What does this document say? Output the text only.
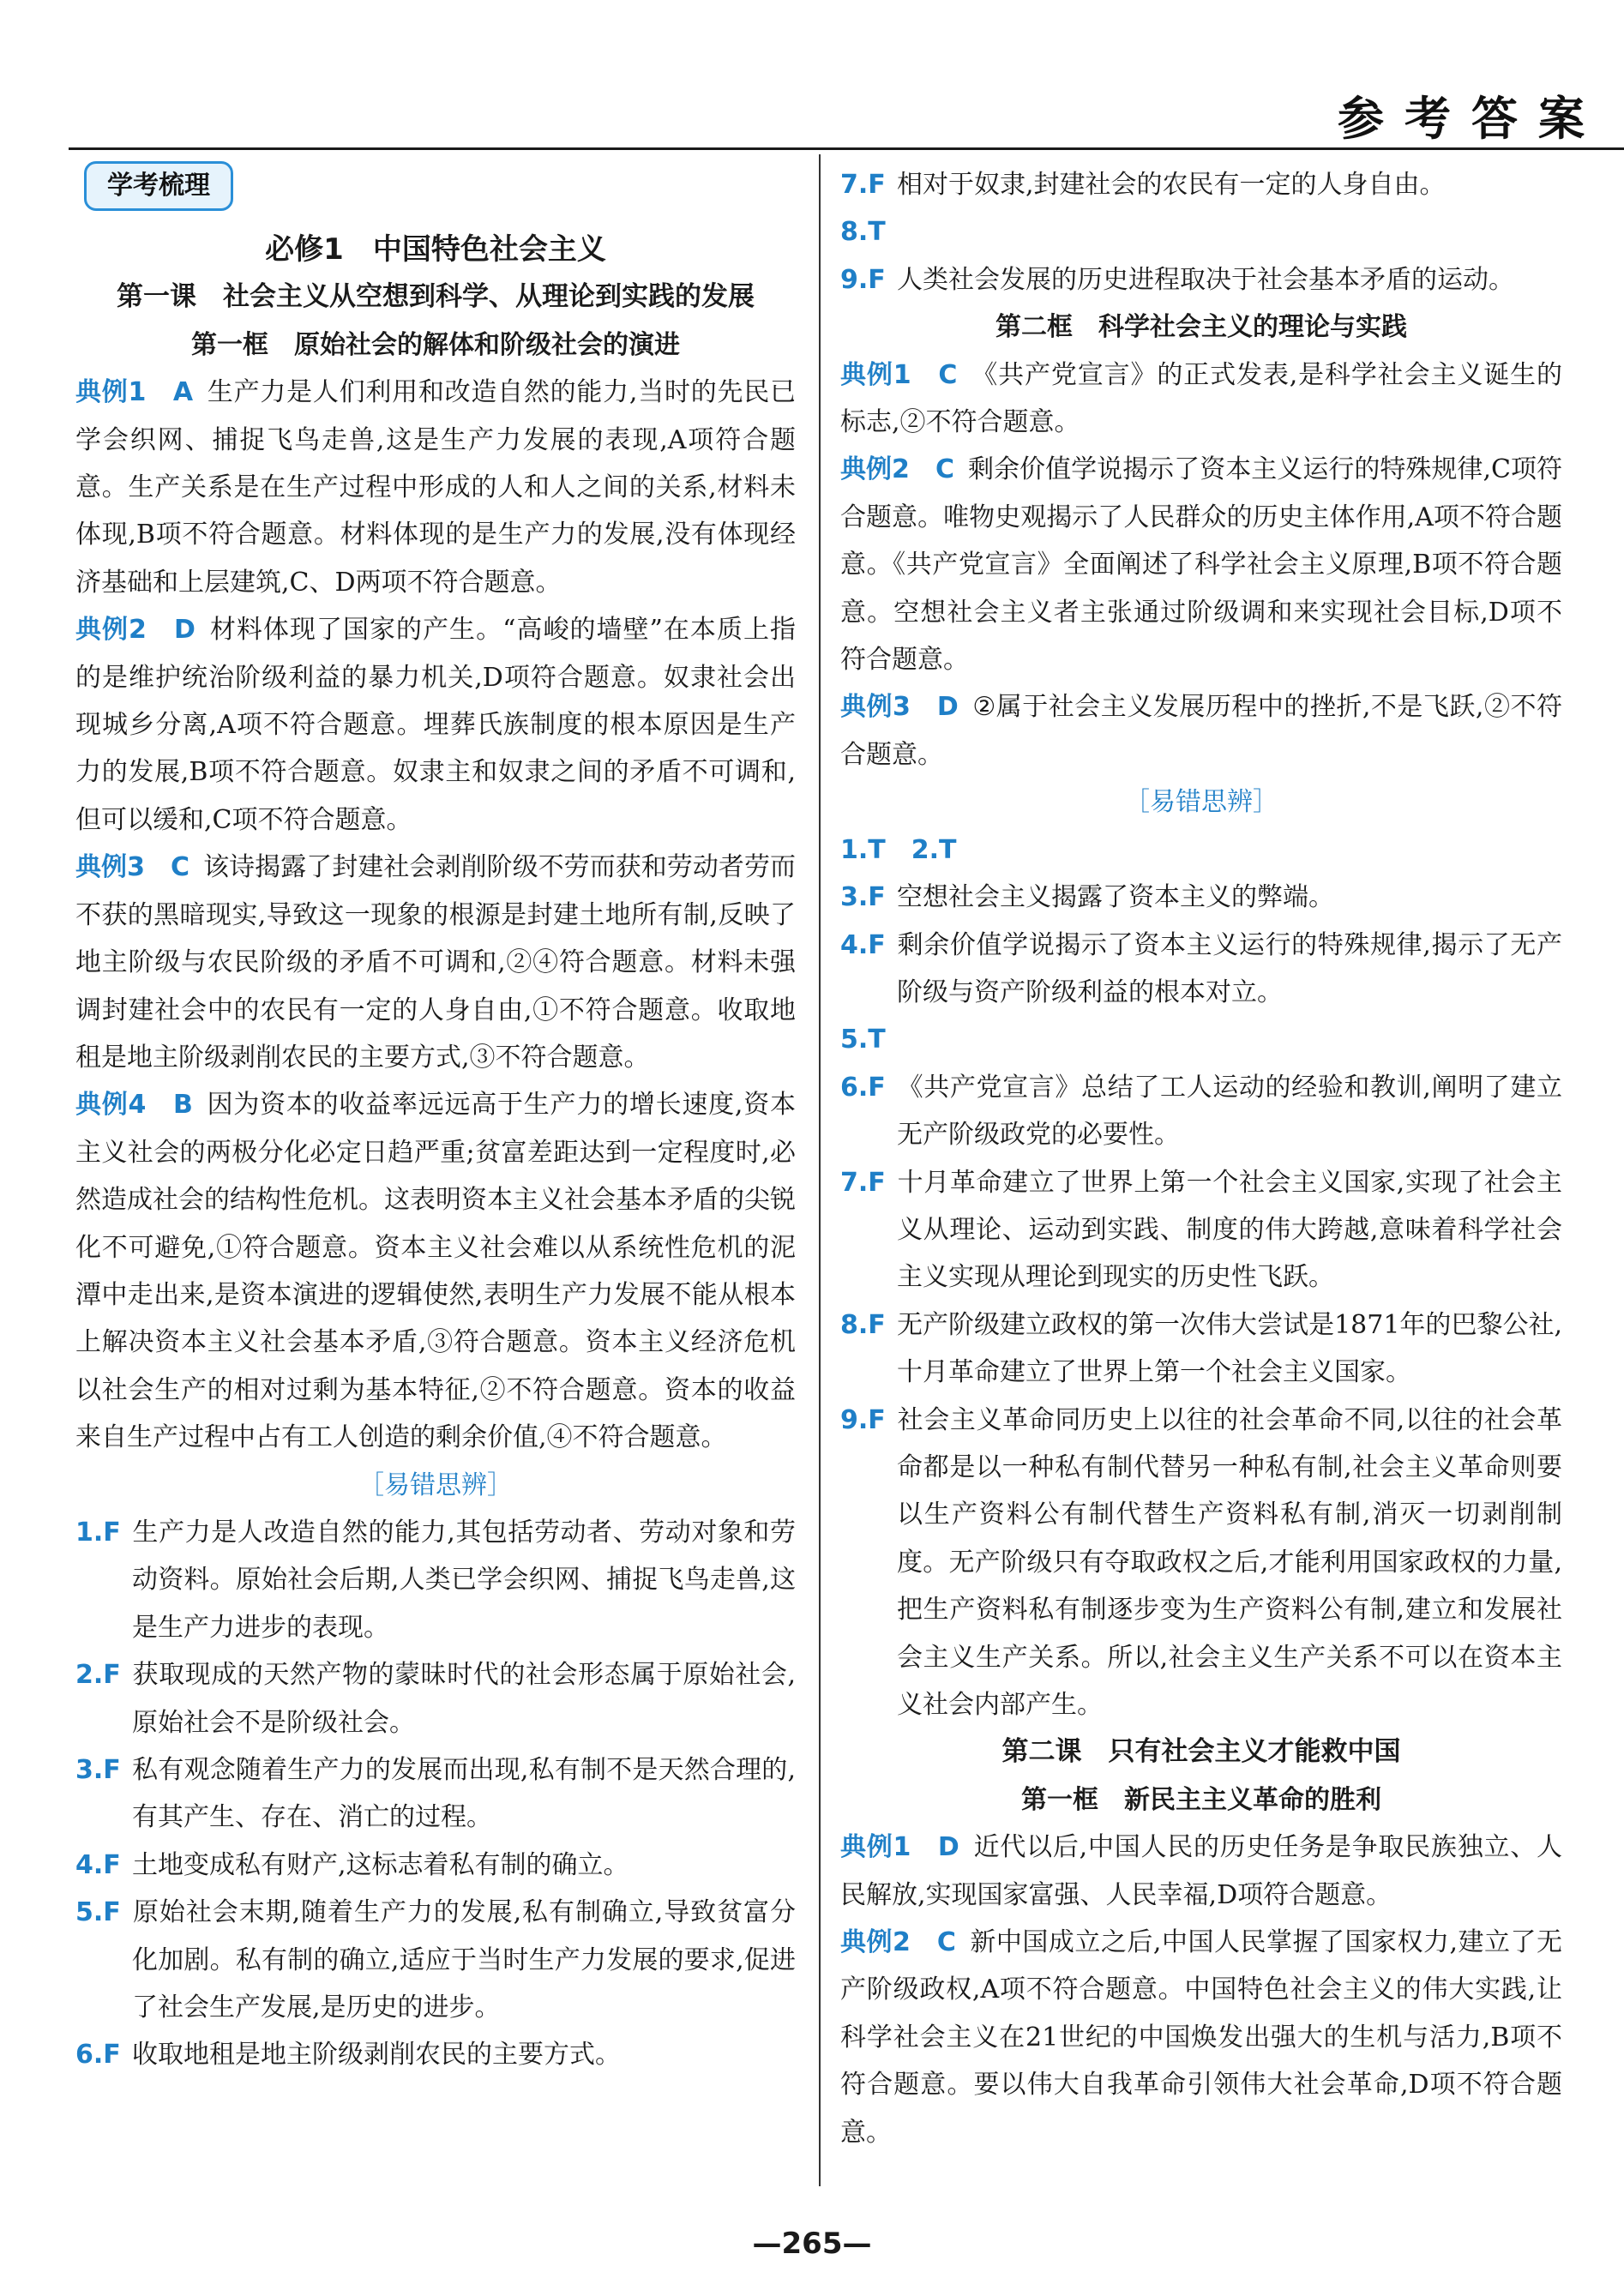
参考答案
学考梳理
必修1　中国特色社会主义
第一课　社会主义从空想到科学、从理论到实践的发展
第一框　原始社会的解体和阶级社会的演进
典例1　A 生产力是人们利用和改造自然的能力,当时的先民已学会织网、捕捉飞鸟走兽,这是生产力发展的表现,A项符合题意。生产关系是在生产过程中形成的人和人之间的关系,材料未体现,B项不符合题意。材料体现的是生产力的发展,没有体现经济基础和上层建筑,C、D两项不符合题意。
典例2　D 材料体现了国家的产生。“高峻的墙壁”在本质上指的是维护统治阶级利益的暴力机关,D项符合题意。奴隶社会出现城乡分离,A项不符合题意。埋葬氏族制度的根本原因是生产力的发展,B项不符合题意。奴隶主和奴隶之间的矛盾不可调和,但可以缓和,C项不符合题意。
典例3　C 该诗揭露了封建社会剥削阶级不劳而获和劳动者劳而不获的黑暗现实,导致这一现象的根源是封建土地所有制,反映了地主阶级与农民阶级的矛盾不可调和,②④符合题意。材料未强调封建社会中的农民有一定的人身自由,①不符合题意。收取地租是地主阶级剥削农民的主要方式,③不符合题意。
典例4　B 因为资本的收益率远远高于生产力的增长速度,资本主义社会的两极分化必定日趋严重;贫富差距达到一定程度时,必然造成社会的结构性危机。这表明资本主义社会基本矛盾的尖锐化不可避免,①符合题意。资本主义社会难以从系统性危机的泥潭中走出来,是资本演进的逻辑使然,表明生产力发展不能从根本上解决资本主义社会基本矛盾,③符合题意。资本主义经济危机以社会生产的相对过剩为基本特征,②不符合题意。资本的收益来自生产过程中占有工人创造的剩余价值,④不符合题意。
［易错思辨］
1.F 生产力是人改造自然的能力,其包括劳动者、劳动对象和劳动资料。原始社会后期,人类已学会织网、捕捉飞鸟走兽,这是生产力进步的表现。
2.F 获取现成的天然产物的蒙昧时代的社会形态属于原始社会,原始社会不是阶级社会。
3.F 私有观念随着生产力的发展而出现,私有制不是天然合理的,有其产生、存在、消亡的过程。
4.F 土地变成私有财产,这标志着私有制的确立。
5.F 原始社会末期,随着生产力的发展,私有制确立,导致贫富分化加剧。私有制的确立,适应于当时生产力发展的要求,促进了社会生产发展,是历史的进步。
6.F 收取地租是地主阶级剥削农民的主要方式。
7.F 相对于奴隶,封建社会的农民有一定的人身自由。
8.T
9.F 人类社会发展的历史进程取决于社会基本矛盾的运动。
第二框　科学社会主义的理论与实践
典例1　C 《共产党宣言》的正式发表,是科学社会主义诞生的标志,②不符合题意。
典例2　C 剩余价值学说揭示了资本主义运行的特殊规律,C项符合题意。唯物史观揭示了人民群众的历史主体作用,A项不符合题意。《共产党宣言》全面阐述了科学社会主义原理,B项不符合题意。空想社会主义者主张通过阶级调和来实现社会目标,D项不符合题意。
典例3　D ②属于社会主义发展历程中的挫折,不是飞跃,②不符合题意。
［易错思辨］
1.T　2.T
3.F 空想社会主义揭露了资本主义的弊端。
4.F 剩余价值学说揭示了资本主义运行的特殊规律,揭示了无产阶级与资产阶级利益的根本对立。
5.T
6.F 《共产党宣言》总结了工人运动的经验和教训,阐明了建立无产阶级政党的必要性。
7.F 十月革命建立了世界上第一个社会主义国家,实现了社会主义从理论、运动到实践、制度的伟大跨越,意味着科学社会主义实现从理论到现实的历史性飞跃。
8.F 无产阶级建立政权的第一次伟大尝试是1871年的巴黎公社,十月革命建立了世界上第一个社会主义国家。
9.F 社会主义革命同历史上以往的社会革命不同,以往的社会革命都是以一种私有制代替另一种私有制,社会主义革命则要以生产资料公有制代替生产资料私有制,消灭一切剥削制度。无产阶级只有夺取政权之后,才能利用国家政权的力量,把生产资料私有制逐步变为生产资料公有制,建立和发展社会主义生产关系。所以,社会主义生产关系不可以在资本主义社会内部产生。
第二课　只有社会主义才能救中国
第一框　新民主主义革命的胜利
典例1　D 近代以后,中国人民的历史任务是争取民族独立、人民解放,实现国家富强、人民幸福,D项符合题意。
典例2　C 新中国成立之后,中国人民掌握了国家权力,建立了无产阶级政权,A项不符合题意。中国特色社会主义的伟大实践,让科学社会主义在21世纪的中国焕发出强大的生机与活力,B项不符合题意。要以伟大自我革命引领伟大社会革命,D项不符合题意。
—265—
